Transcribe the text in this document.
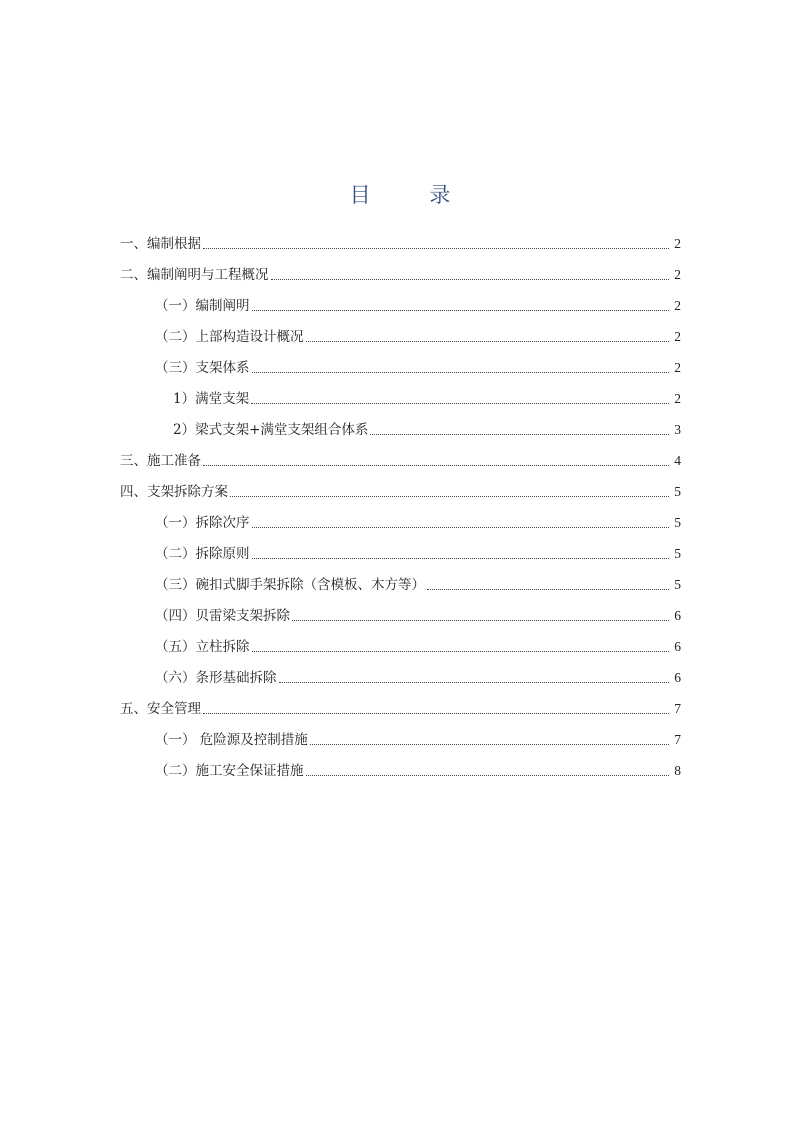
目 录
一、编制根据	2
二、编制阐明与工程概况	2
（一）编制阐明	2
（二）上部构造设计概况	2
（三）支架体系	2
1）满堂支架	2
2）梁式支架+满堂支架组合体系	3
三、施工准备	4
四、支架拆除方案	5
（一）拆除次序	5
（二）拆除原则	5
（三）碗扣式脚手架拆除（含模板、木方等）	5
（四）贝雷梁支架拆除	6
（五）立柱拆除	6
（六）条形基础拆除	6
五、安全管理	7
（一） 危险源及控制措施	7
（二）施工安全保证措施	8
